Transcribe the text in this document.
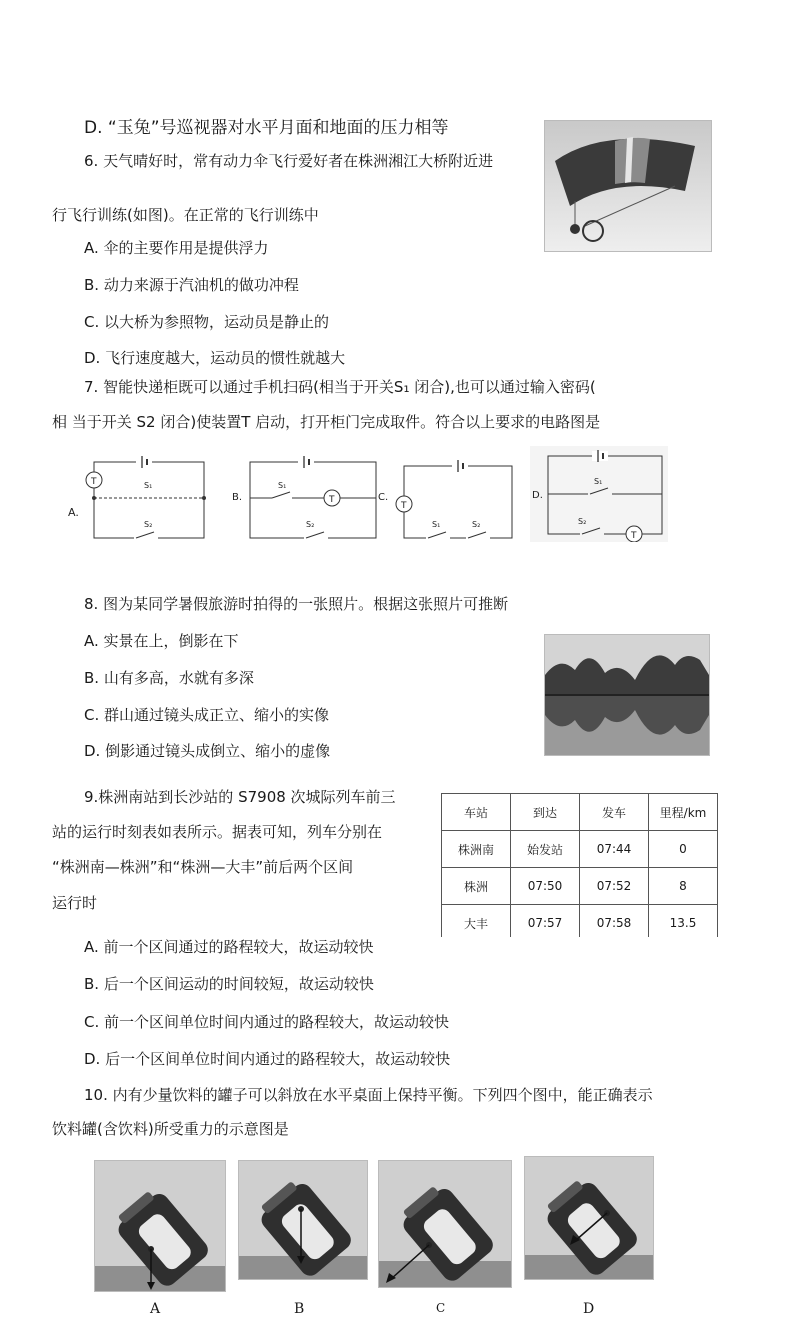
D. “玉兔”号巡视器对水平月面和地面的压力相等
6. 天气晴好时，常有动力伞飞行爱好者在株洲湘江大桥附近进
行飞行训练(如图)。在正常的飞行训练中
A. 伞的主要作用是提供浮力
B. 动力来源于汽油机的做功冲程
C. 以大桥为参照物，运动员是静止的
D. 飞行速度越大，运动员的惯性就越大
7. 智能快递柜既可以通过手机扫码(相当于开关S₁ 闭合),也可以通过输入密码(
相 当于开关 S2 闭合)使装置T 启动，打开柜门完成取件。符合以上要求的电路图是
A.
T	S₁
S₂
B.	T
S₁
S₂
C.
T
S₁	S₂
D.
T
S₁
S₂
8. 图为某同学暑假旅游时拍得的一张照片。根据这张照片可推断
A. 实景在上，倒影在下
B. 山有多高，水就有多深
C. 群山通过镜头成正立、缩小的实像
D. 倒影通过镜头成倒立、缩小的虚像
9.株洲南站到长沙站的 S7908 次城际列车前三
站的运行时刻表如表所示。据表可知，列车分别在
“株洲南—株洲”和“株洲—大丰”前后两个区间
运行时
车站	到达	发车	里程/km
株洲南	始发站	07:44	0
株洲	07:50	07:52	8
大丰	07:57	07:58	13.5
A. 前一个区间通过的路程较大，故运动较快
B. 后一个区间运动的时间较短，故运动较快
C. 前一个区间单位时间内通过的路程较大，故运动较快
D. 后一个区间单位时间内通过的路程较大，故运动较快
10. 内有少量饮料的罐子可以斜放在水平桌面上保持平衡。下列四个图中，能正确表示
饮料罐(含饮料)所受重力的示意图是
A	B	C	D
